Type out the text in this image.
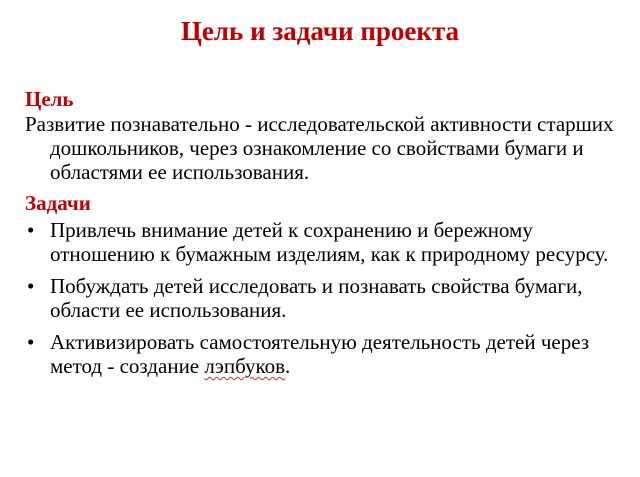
Цель и задачи проекта

Цель

Развитие познавательно - исследовательской активности старших дошкольников, через ознакомление со свойствами бумаги и областями ее использования.

Задачи

• Привлечь внимание детей к сохранению и бережному отношению к бумажным изделиям, как к природному ресурсу.
• Побуждать детей исследовать и познавать свойства бумаги, области ее использования.
• Активизировать самостоятельную деятельность детей через метод - создание лэпбуков.
